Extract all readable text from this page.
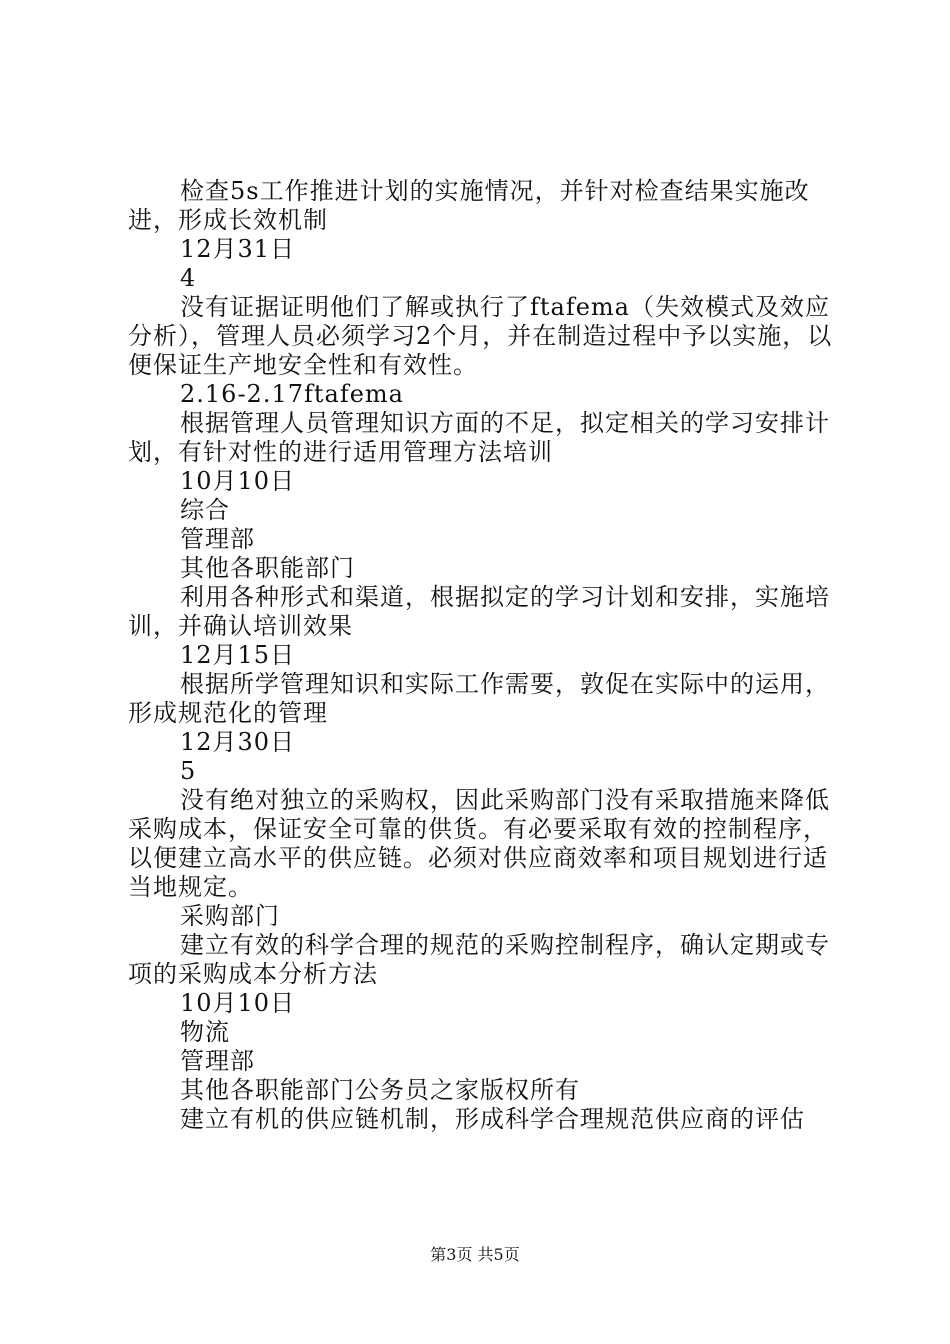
检查5s工作推进计划的实施情况，并针对检查结果实施改进，形成长效机制

12月31日

4

没有证据证明他们了解或执行了ftafema（失效模式及效应分析），管理人员必须学习2个月，并在制造过程中予以实施，以便保证生产地安全性和有效性。

2.16-2.17ftafema

根据管理人员管理知识方面的不足，拟定相关的学习安排计划，有针对性的进行适用管理方法培训

10月10日

综合

管理部

其他各职能部门

利用各种形式和渠道，根据拟定的学习计划和安排，实施培训，并确认培训效果

12月15日

根据所学管理知识和实际工作需要，敦促在实际中的运用，形成规范化的管理

12月30日

5

没有绝对独立的采购权，因此采购部门没有采取措施来降低采购成本，保证安全可靠的供货。有必要采取有效的控制程序，以便建立高水平的供应链。必须对供应商效率和项目规划进行适当地规定。

采购部门

建立有效的科学合理的规范的采购控制程序，确认定期或专项的采购成本分析方法

10月10日

物流

管理部

其他各职能部门公务员之家版权所有

建立有机的供应链机制，形成科学合理规范供应商的评估

第3页 共5页
